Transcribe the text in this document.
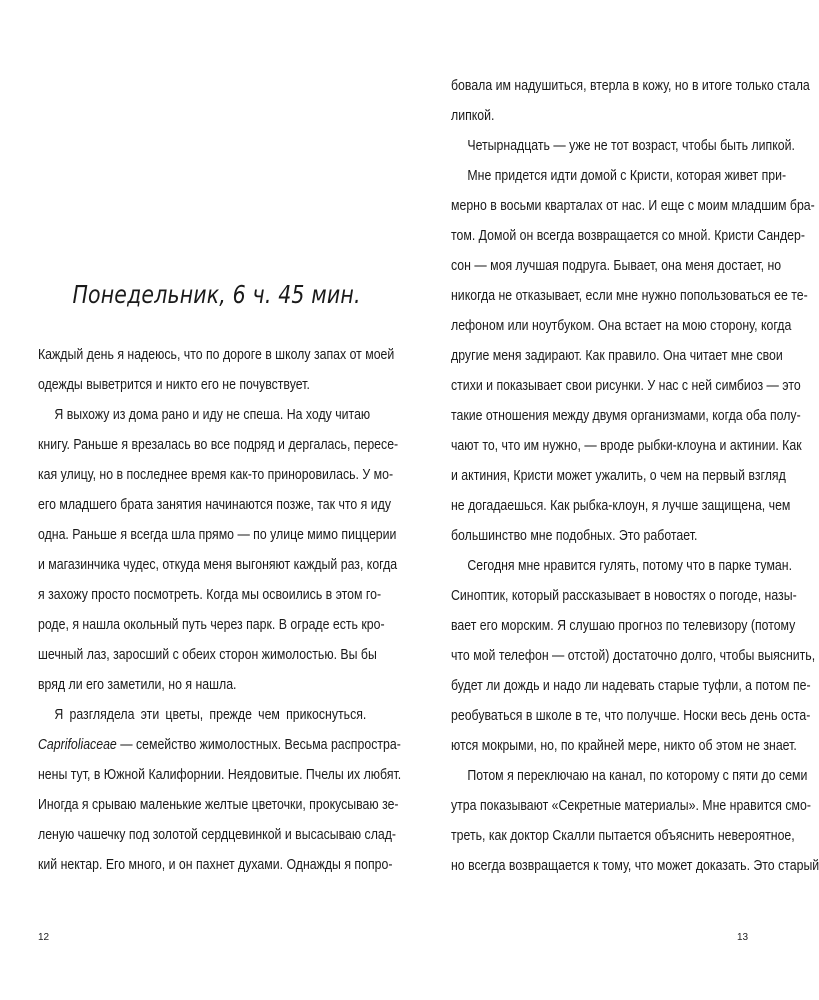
Понедельник, 6 ч. 45 мин.
Каждый день я надеюсь, что по дороге в школу запах от моей
одежды выветрится и никто его не почувствует.
Я выхожу из дома рано и иду не спеша. На ходу читаю
книгу. Раньше я врезалась во все подряд и дергалась, пересе-
кая улицу, но в последнее время как-то приноровилась. У мо-
его младшего брата занятия начинаются позже, так что я иду
одна. Раньше я всегда шла прямо — по улице мимо пиццерии
и магазинчика чудес, откуда меня выгоняют каждый раз, когда
я захожу просто посмотреть. Когда мы освоились в этом го-
роде, я нашла окольный путь через парк. В ограде есть кро-
шечный лаз, заросший с обеих сторон жимолостью. Вы бы
вряд ли его заметили, но я нашла.
Я разглядела эти цветы, прежде чем прикоснуться.
Caprifoliaceae — семейство жимолостных. Весьма распростра-
нены тут, в Южной Калифорнии. Неядовитые. Пчелы их любят.
Иногда я срываю маленькие желтые цветочки, прокусываю зе-
леную чашечку под золотой сердцевинкой и высасываю слад-
кий нектар. Его много, и он пахнет духами. Однажды я попро-
12	13
бовала им надушиться, втерла в кожу, но в итоге только стала
липкой.
Четырнадцать — уже не тот возраст, чтобы быть липкой.
Мне придется идти домой с Кристи, которая живет при-
мерно в восьми кварталах от нас. И еще с моим младшим бра-
том. Домой он всегда возвращается со мной. Кристи Сандер-
сон — моя лучшая подруга. Бывает, она меня достает, но
никогда не отказывает, если мне нужно попользоваться ее те-
лефоном или ноутбуком. Она встает на мою сторону, когда
другие меня задирают. Как правило. Она читает мне свои
стихи и показывает свои рисунки. У нас с ней симбиоз — это
такие отношения между двумя организмами, когда оба полу-
чают то, что им нужно, — вроде рыбки-клоуна и актинии. Как
и актиния, Кристи может ужалить, о чем на первый взгляд
не догадаешься. Как рыбка-клоун, я лучше защищена, чем
большинство мне подобных. Это работает.
Сегодня мне нравится гулять, потому что в парке туман.
Синоптик, который рассказывает в новостях о погоде, назы-
вает его морским. Я слушаю прогноз по телевизору (потому
что мой телефон — отстой) достаточно долго, чтобы выяснить,
будет ли дождь и надо ли надевать старые туфли, а потом пе-
реобуваться в школе в те, что получше. Носки весь день оста-
ются мокрыми, но, по крайней мере, никто об этом не знает.
Потом я переключаю на канал, по которому с пяти до семи
утра показывают «Секретные материалы». Мне нравится смо-
треть, как доктор Скалли пытается объяснить невероятное,
но всегда возвращается к тому, что может доказать. Это старый
